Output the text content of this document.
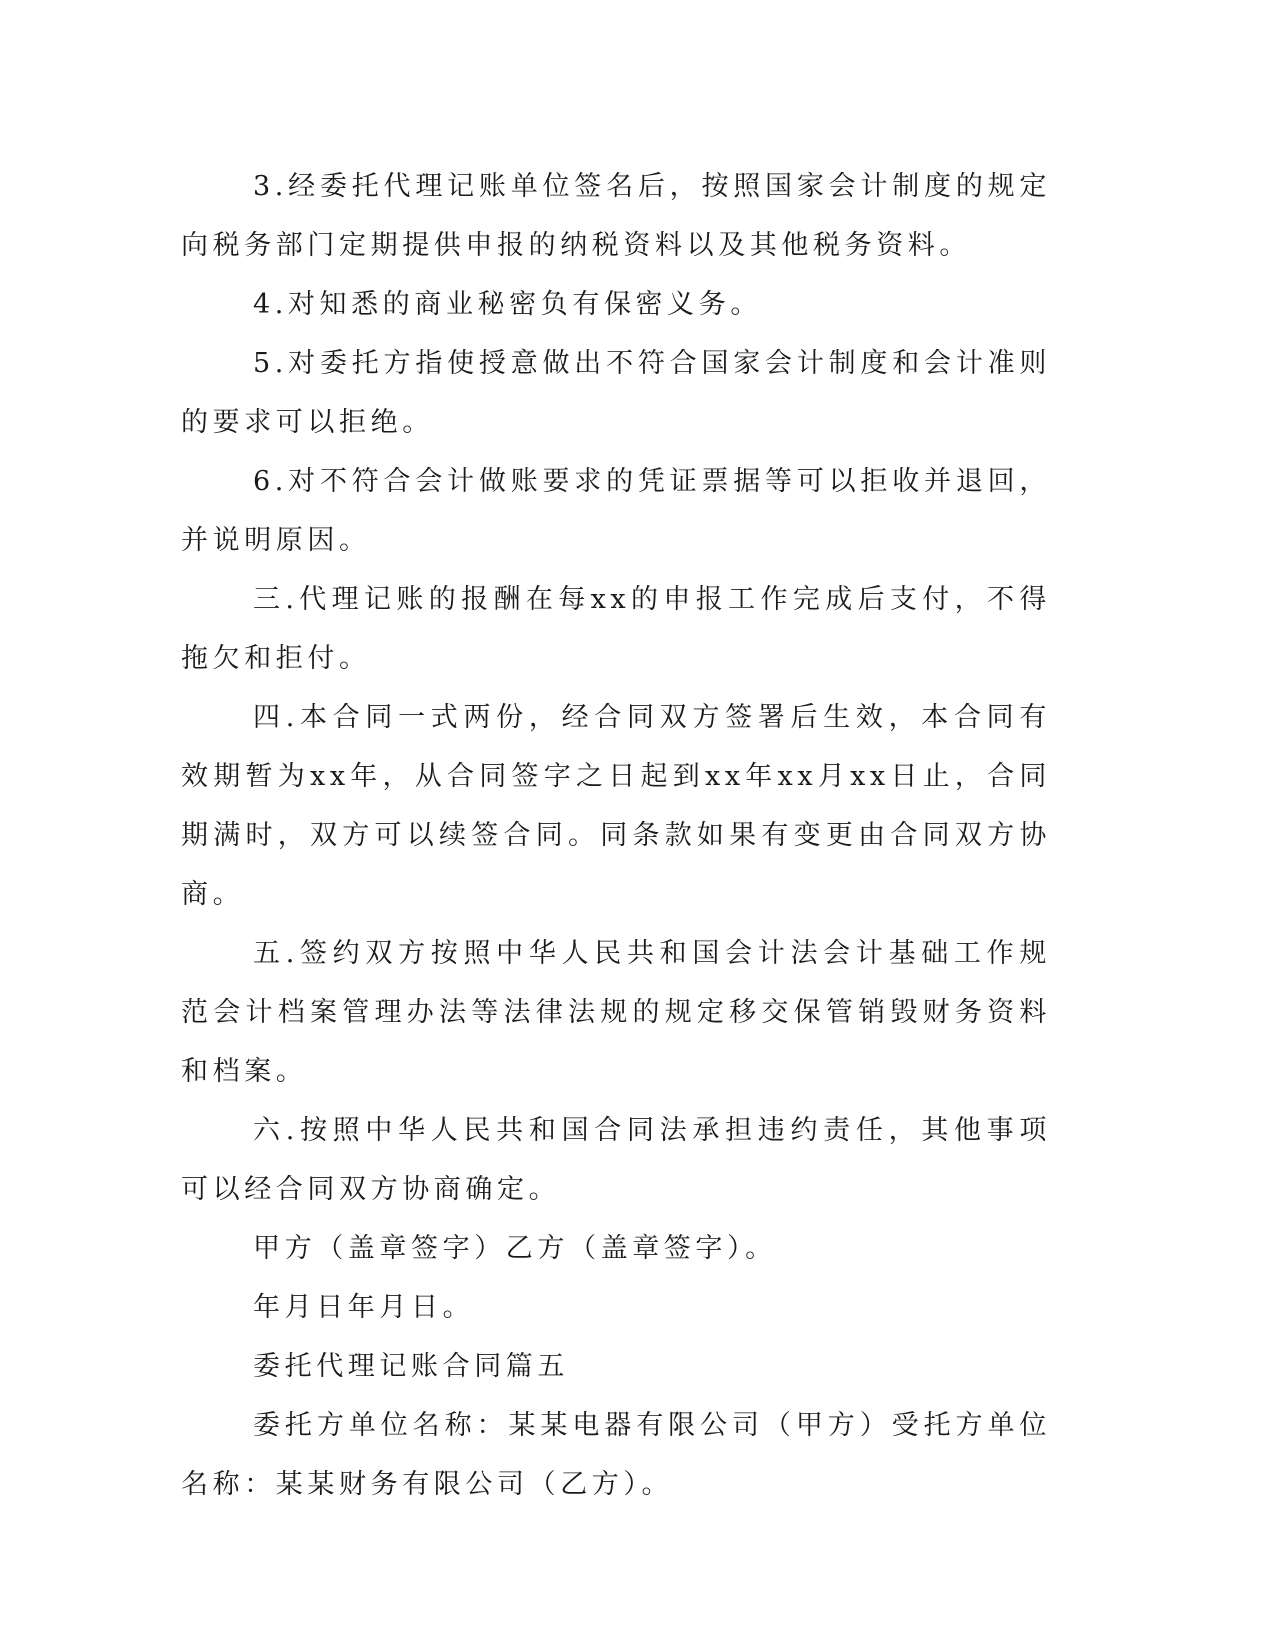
3.经委托代理记账单位签名后，按照国家会计制度的规定向税务部门定期提供申报的纳税资料以及其他税务资料。

4.对知悉的商业秘密负有保密义务。

5.对委托方指使授意做出不符合国家会计制度和会计准则的要求可以拒绝。

6.对不符合会计做账要求的凭证票据等可以拒收并退回，并说明原因。

三.代理记账的报酬在每xx的申报工作完成后支付，不得拖欠和拒付。

四.本合同一式两份，经合同双方签署后生效，本合同有效期暂为xx年，从合同签字之日起到xx年xx月xx日止，合同期满时，双方可以续签合同。同条款如果有变更由合同双方协商。

五.签约双方按照中华人民共和国会计法会计基础工作规范会计档案管理办法等法律法规的规定移交保管销毁财务资料和档案。

六.按照中华人民共和国合同法承担违约责任，其他事项可以经合同双方协商确定。

甲方（盖章签字）乙方（盖章签字）。

年月日年月日。

委托代理记账合同篇五

委托方单位名称：某某电器有限公司（甲方）受托方单位名称：某某财务有限公司（乙方）。
